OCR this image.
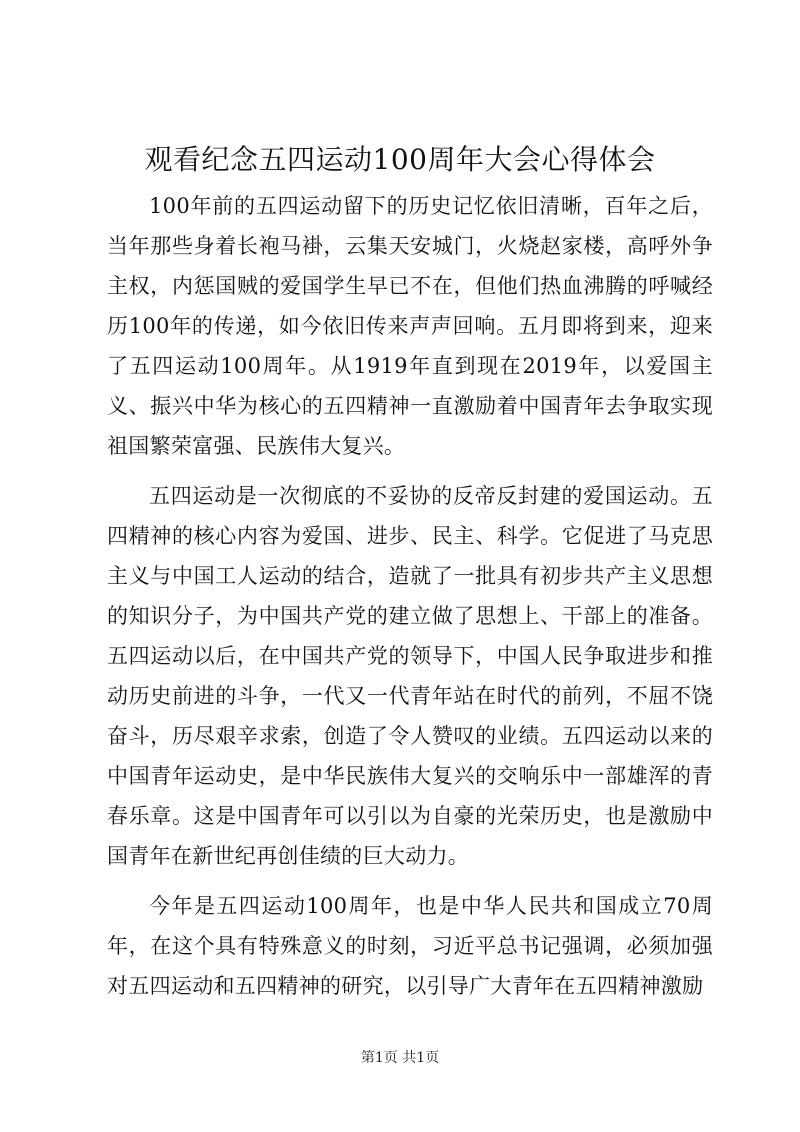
观看纪念五四运动100周年大会心得体会

100年前的五四运动留下的历史记忆依旧清晰，百年之后，当年那些身着长袍马褂，云集天安城门，火烧赵家楼，高呼外争主权，内惩国贼的爱国学生早已不在，但他们热血沸腾的呼喊经历100年的传递，如今依旧传来声声回响。五月即将到来，迎来了五四运动100周年。从1919年直到现在2019年，以爱国主义、振兴中华为核心的五四精神一直激励着中国青年去争取实现祖国繁荣富强、民族伟大复兴。

五四运动是一次彻底的不妥协的反帝反封建的爱国运动。五四精神的核心内容为爱国、进步、民主、科学。它促进了马克思主义与中国工人运动的结合，造就了一批具有初步共产主义思想的知识分子，为中国共产党的建立做了思想上、干部上的准备。五四运动以后，在中国共产党的领导下，中国人民争取进步和推动历史前进的斗争，一代又一代青年站在时代的前列，不屈不饶奋斗，历尽艰辛求索，创造了令人赞叹的业绩。五四运动以来的中国青年运动史，是中华民族伟大复兴的交响乐中一部雄浑的青春乐章。这是中国青年可以引以为自豪的光荣历史，也是激励中国青年在新世纪再创佳绩的巨大动力。

今年是五四运动100周年，也是中华人民共和国成立70周年，在这个具有特殊意义的时刻，习近平总书记强调，必须加强对五四运动和五四精神的研究，以引导广大青年在五四精神激励

第1页 共1页
